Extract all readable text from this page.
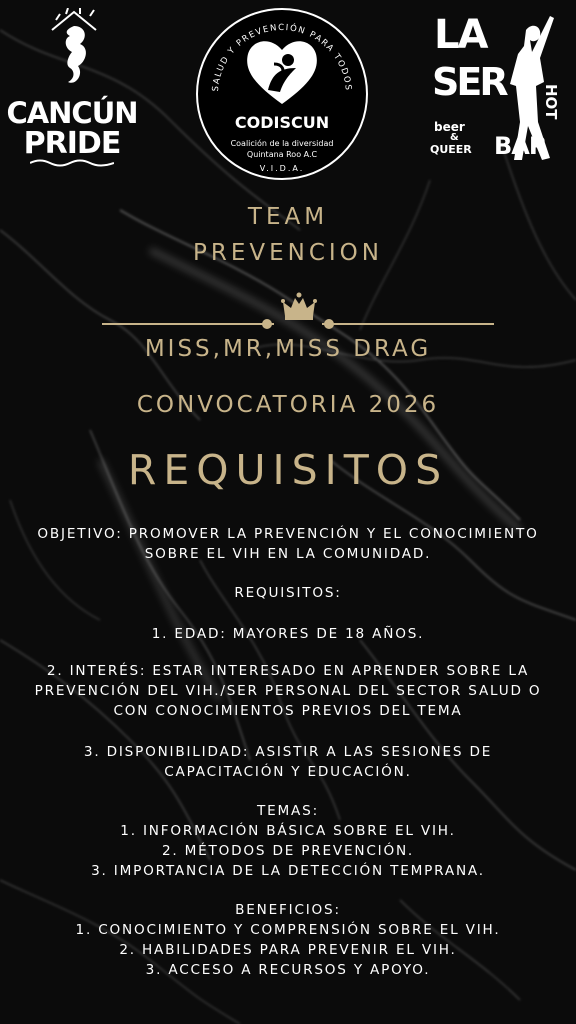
CANCÚN
PRIDE
SALUD Y PREVENCIÓN PARA TODOS
CODISCUN
Coalición de la diversidad
Quintana Roo A.C
V.I.D.A.
LA
SER HOT
beer
&
QUEER BAR
TEAM
PREVENCION
MISS,MR,MISS DRAG
CONVOCATORIA 2026
REQUISITOS

OBJETIVO: PROMOVER LA PREVENCIÓN Y EL CONOCIMIENTO

SOBRE EL VIH EN LA COMUNIDAD.

REQUISITOS:

1. EDAD: MAYORES DE 18 AÑOS.

2. INTERÉS: ESTAR INTERESADO EN APRENDER SOBRE LA

PREVENCIÓN DEL VIH./SER PERSONAL DEL SECTOR SALUD O

CON CONOCIMIENTOS PREVIOS DEL TEMA

3. DISPONIBILIDAD: ASISTIR A LAS SESIONES DE

CAPACITACIÓN Y EDUCACIÓN.

TEMAS:

1. INFORMACIÓN BÁSICA SOBRE EL VIH.

2. MÉTODOS DE PREVENCIÓN.

3. IMPORTANCIA DE LA DETECCIÓN TEMPRANA.

BENEFICIOS:

1. CONOCIMIENTO Y COMPRENSIÓN SOBRE EL VIH.

2. HABILIDADES PARA PREVENIR EL VIH.

3. ACCESO A RECURSOS Y APOYO.
